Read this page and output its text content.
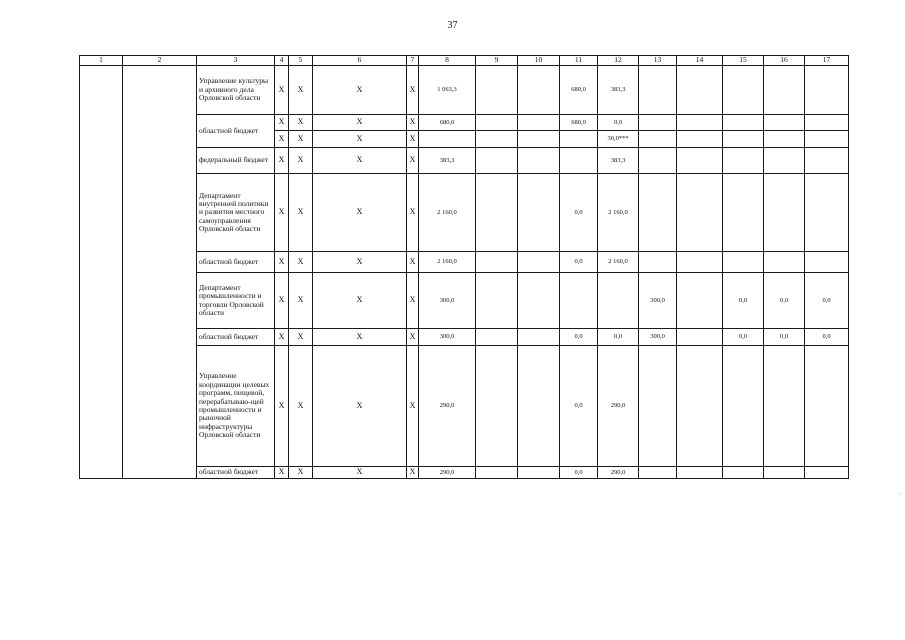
37
1	2	3	4	5	6	7	8	9	10	11	12	13	14	15	16	17
		Управление культуры и архивного дела Орловской области	Х	Х	Х	Х	1 063,3			680,0	383,3					
		областной бюджет	Х	Х	Х	Х	680,0			680,0	0,0					
			Х	Х	Х	Х					30,0***					
		федеральный бюджет	Х	Х	Х	Х	383,3				383,3					
		Департамент внутренней политики и развития местного самоуправления Орловской области	Х	Х	Х	Х	2 160,0			0,0	2 160,0					
		областной бюджет	Х	Х	Х	Х	2 160,0			0,0	2 160,0					
		Департамент промышленности и торговли Орловской области	Х	Х	Х	Х	300,0					300,0		0,0	0,0	0,0
		областной бюджет	Х	Х	Х	Х	300,0			0,0	0,0	300,0		0,0	0,0	0,0
		Управление координации целевых программ, пищевой, перерабатываю-щей промышленности и рыночной инфраструктуры Орловской области	Х	Х	Х	Х	290,0			0,0	290,0					
		областной бюджет	Х	Х	Х	Х	290,0			0,0	290,0					
·
